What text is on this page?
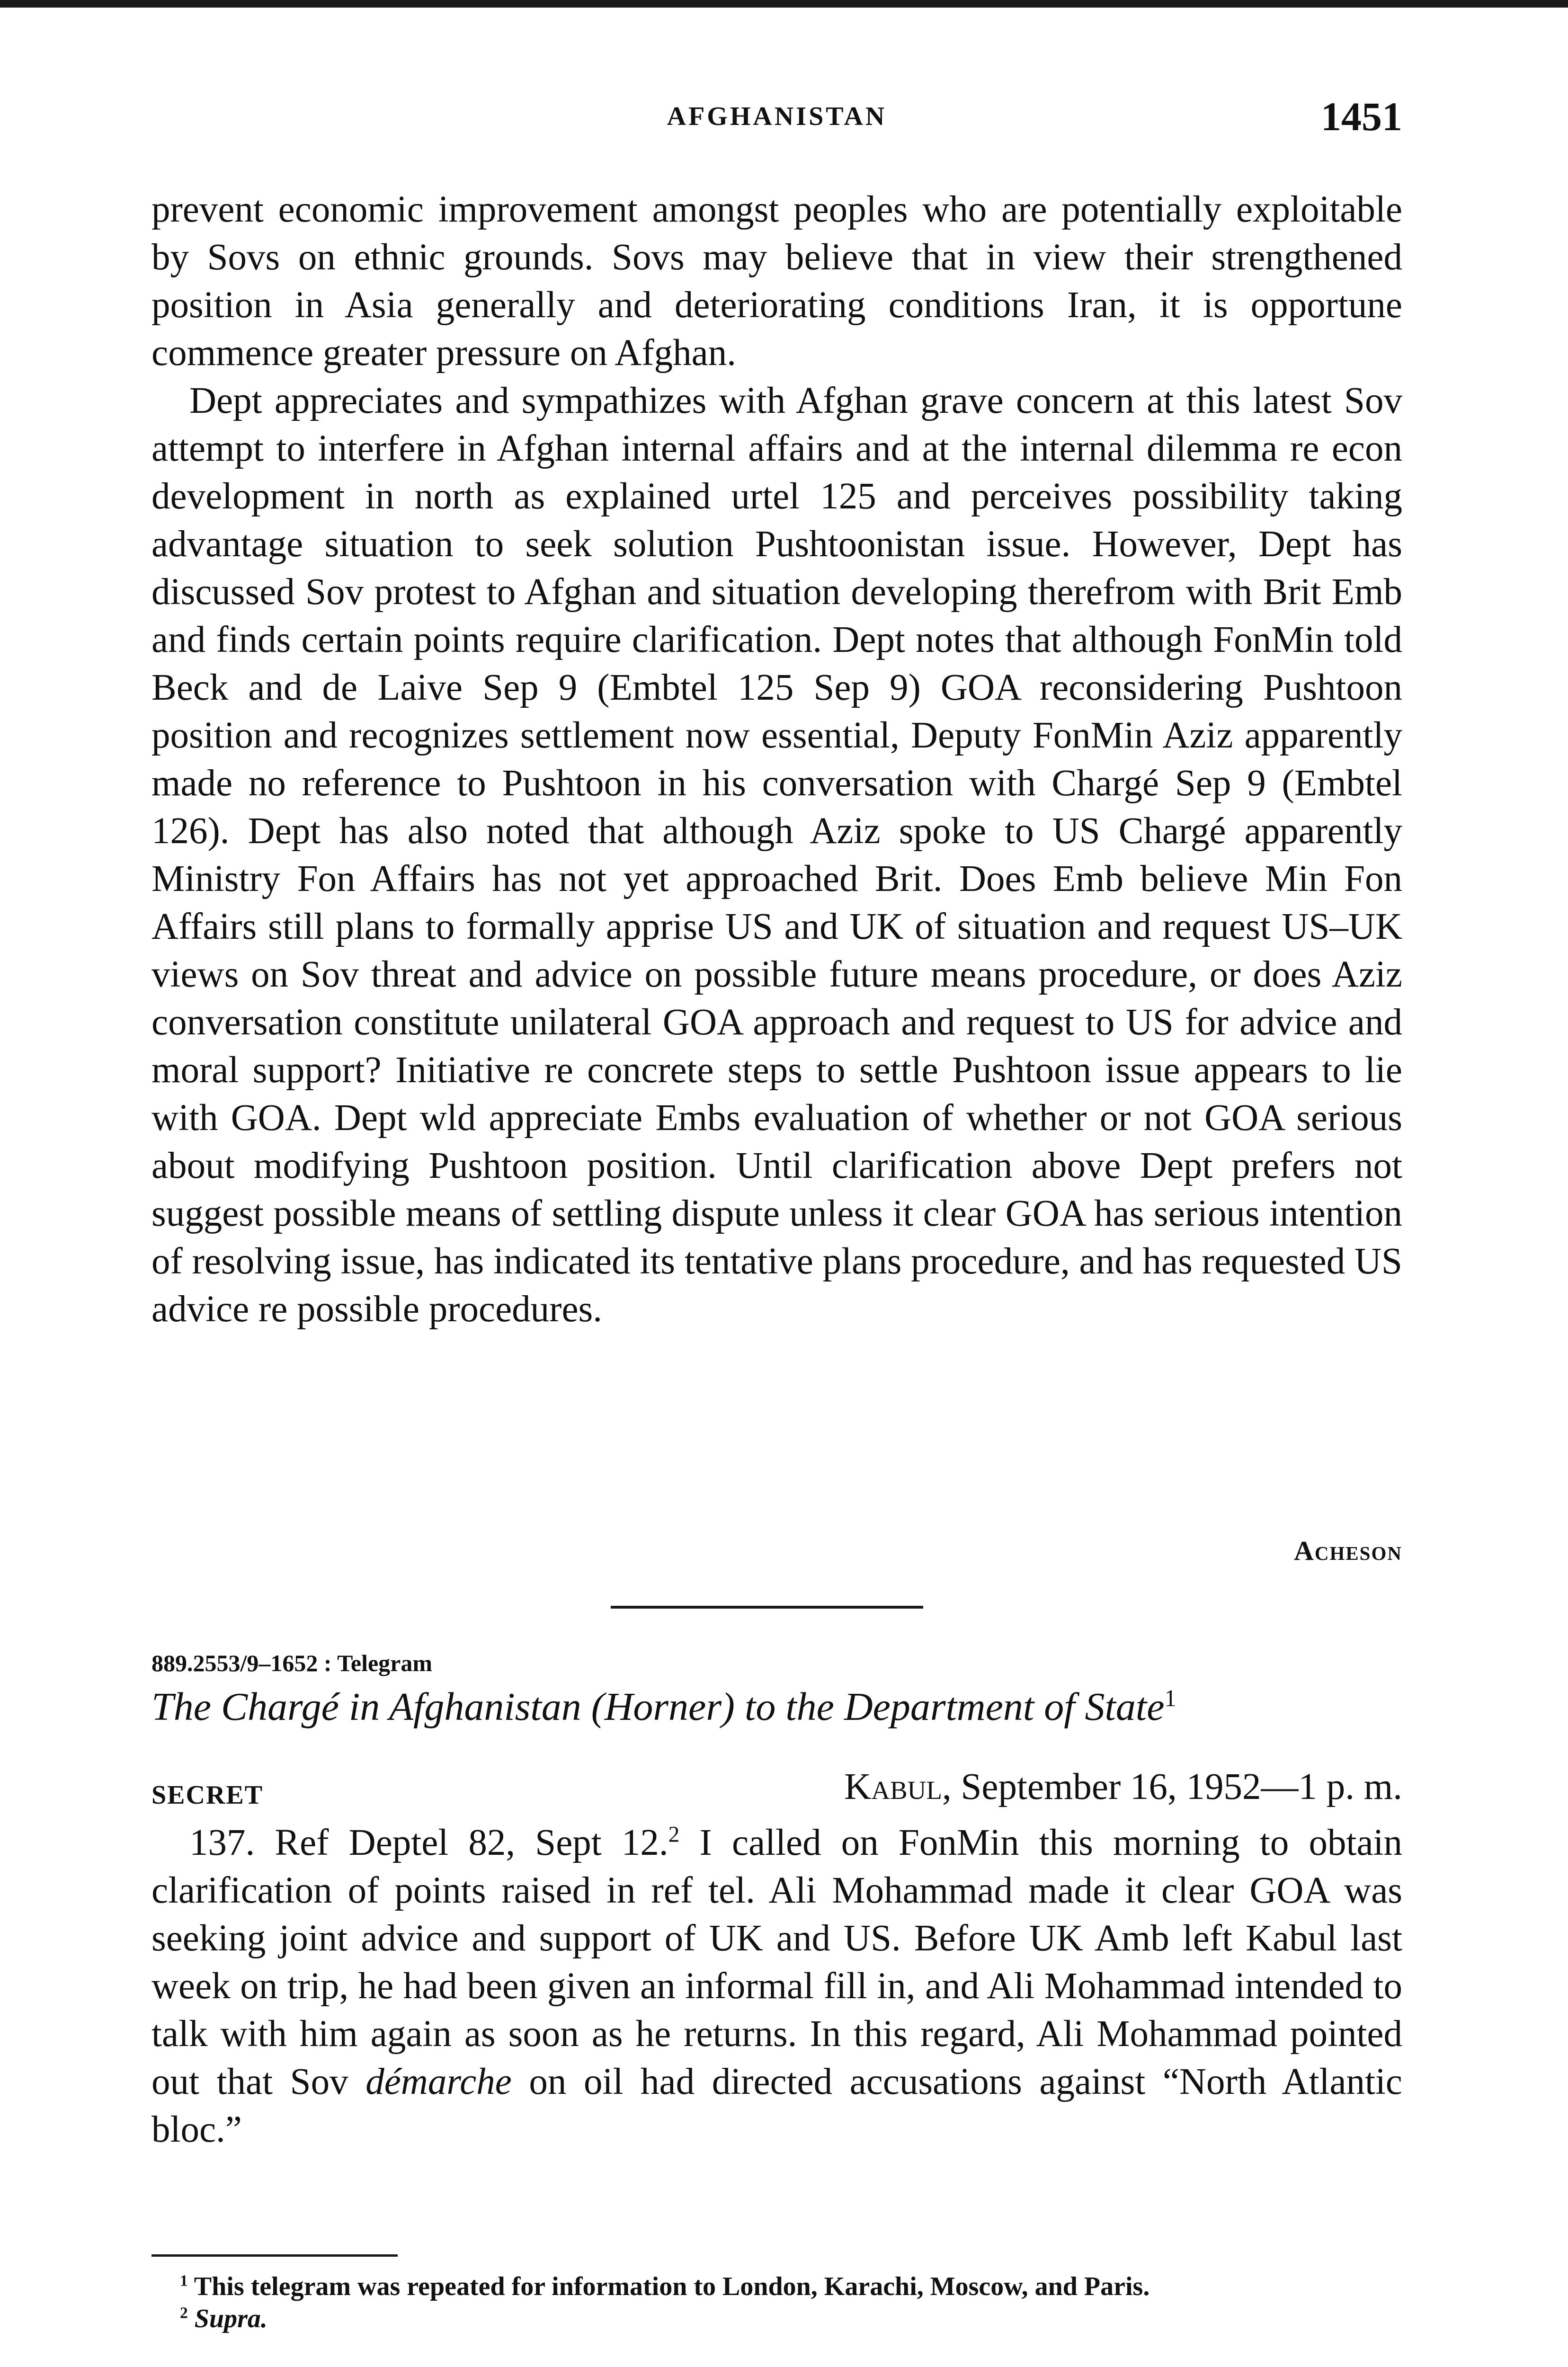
AFGHANISTAN	1451

prevent economic improvement amongst peoples who are potentially exploitable by Sovs on ethnic grounds. Sovs may believe that in view their strengthened position in Asia generally and deteriorating conditions Iran, it is opportune commence greater pressure on Afghan.

Dept appreciates and sympathizes with Afghan grave concern at this latest Sov attempt to interfere in Afghan internal affairs and at the internal dilemma re econ development in north as explained urtel 125 and perceives possibility taking advantage situation to seek solution Pushtoonistan issue. However, Dept has discussed Sov protest to Afghan and situation developing therefrom with Brit Emb and finds certain points require clarification. Dept notes that although FonMin told Beck and de Laive Sep 9 (Embtel 125 Sep 9) GOA reconsidering Pushtoon position and recognizes settlement now essential, Deputy FonMin Aziz apparently made no reference to Pushtoon in his conversation with Chargé Sep 9 (Embtel 126). Dept has also noted that although Aziz spoke to US Chargé apparently Ministry Fon Affairs has not yet approached Brit. Does Emb believe Min Fon Affairs still plans to formally apprise US and UK of situation and request US–UK views on Sov threat and advice on possible future means procedure, or does Aziz conversation constitute unilateral GOA approach and request to US for advice and moral support? Initiative re concrete steps to settle Pushtoon issue appears to lie with GOA. Dept wld appreciate Embs evaluation of whether or not GOA serious about modifying Pushtoon position. Until clarification above Dept prefers not suggest possible means of settling dispute unless it clear GOA has serious intention of resolving issue, has indicated its tentative plans procedure, and has requested US advice re possible procedures.

Acheson
889.2553/9–1652 : Telegram
The Chargé in Afghanistan (Horner) to the Department of State$^1$
SECRET	Kabul, September 16, 1952—1 p. m.

137. Ref Deptel 82, Sept 12.$^2$ I called on FonMin this morning to obtain clarification of points raised in ref tel. Ali Mohammad made it clear GOA was seeking joint advice and support of UK and US. Before UK Amb left Kabul last week on trip, he had been given an informal fill in, and Ali Mohammad intended to talk with him again as soon as he returns. In this regard, Ali Mohammad pointed out that Sov démarche on oil had directed accusations against “North Atlantic bloc.”

$^1$ This telegram was repeated for information to London, Karachi, Moscow, and Paris.

$^2$ Supra.
